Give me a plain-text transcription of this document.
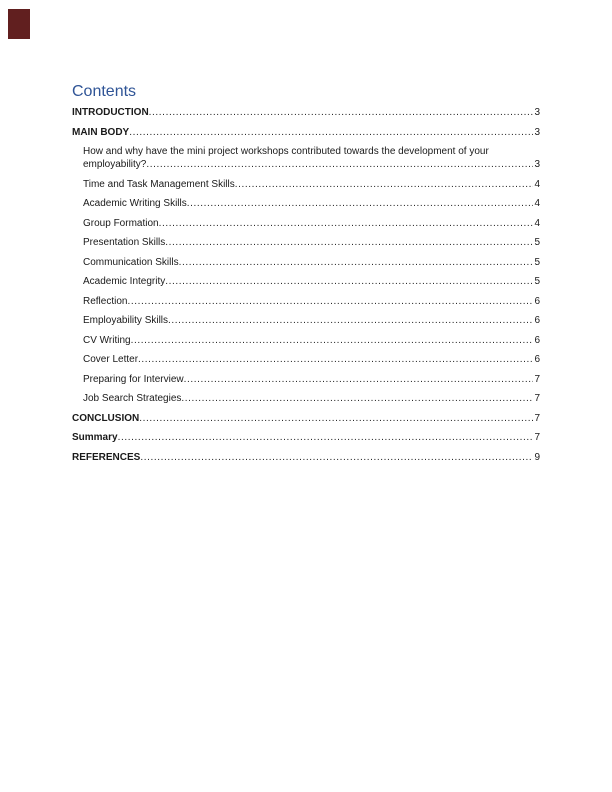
Contents
INTRODUCTION .....	3
MAIN BODY .....	3
How and why have the mini project workshops contributed towards the development of your
employability? .....	3
Time and Task Management Skills .....	4
Academic Writing Skills .....	4
Group Formation .....	4
Presentation Skills .....	5
Communication Skills .....	5
Academic Integrity .....	5
Reflection .....	6
Employability Skills .....	6
CV Writing .....	6
Cover Letter .....	6
Preparing for Interview .....	7
Job Search Strategies .....	7
CONCLUSION .....	7
Summary .....	7
REFERENCES .....	9
